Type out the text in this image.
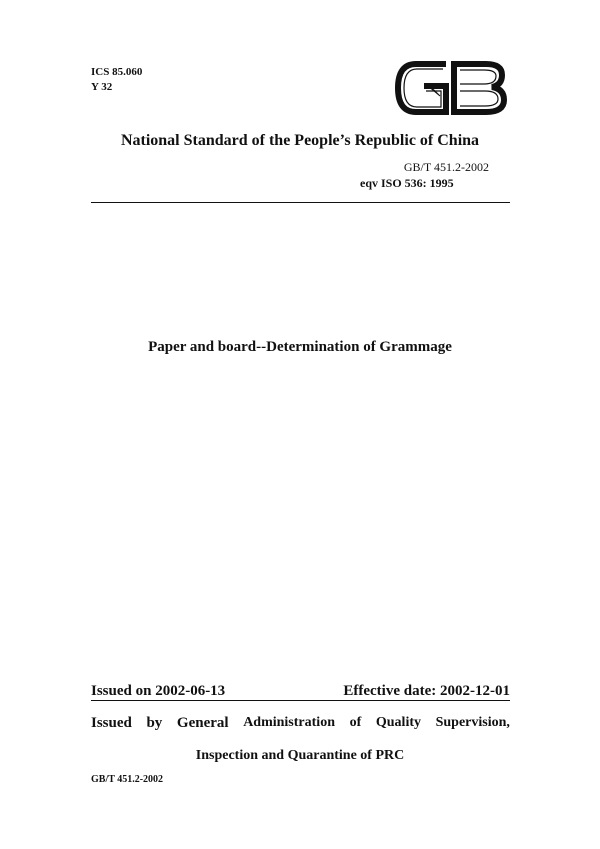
ICS 85.060
Y 32
National Standard of the People’s Republic of China
GB/T 451.2-2002
eqv ISO 536: 1995
Paper and board--Determination of Grammage
Issued on 2002-06-13	Effective date: 2002-12-01
Issued by General Administration of Quality Supervision,
Inspection and Quarantine of PRC
GB/T 451.2-2002
